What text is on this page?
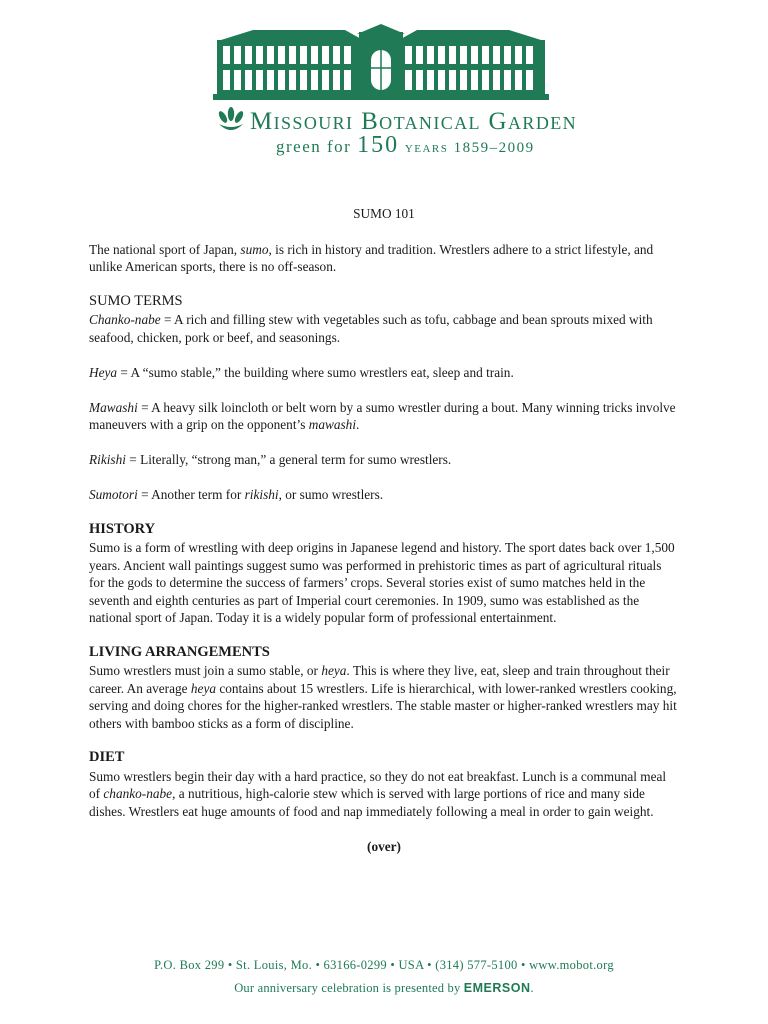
Missouri Botanical Garden
green for 150 years 1859–2009
SUMO 101

The national sport of Japan, sumo, is rich in history and tradition. Wrestlers adhere to a strict lifestyle, and unlike American sports, there is no off-season.

SUMO TERMS

Chanko-nabe = A rich and filling stew with vegetables such as tofu, cabbage and bean sprouts mixed with seafood, chicken, pork or beef, and seasonings.

Heya = A “sumo stable,” the building where sumo wrestlers eat, sleep and train.

Mawashi = A heavy silk loincloth or belt worn by a sumo wrestler during a bout. Many winning tricks involve maneuvers with a grip on the opponent’s mawashi.

Rikishi = Literally, “strong man,” a general term for sumo wrestlers.

Sumotori = Another term for rikishi, or sumo wrestlers.

HISTORY

Sumo is a form of wrestling with deep origins in Japanese legend and history. The sport dates back over 1,500 years. Ancient wall paintings suggest sumo was performed in prehistoric times as part of agricultural rituals for the gods to determine the success of farmers’ crops. Several stories exist of sumo matches held in the seventh and eighth centuries as part of Imperial court ceremonies. In 1909, sumo was established as the national sport of Japan. Today it is a widely popular form of professional entertainment.

LIVING ARRANGEMENTS

Sumo wrestlers must join a sumo stable, or heya. This is where they live, eat, sleep and train throughout their career. An average heya contains about 15 wrestlers. Life is hierarchical, with lower-ranked wrestlers cooking, serving and doing chores for the higher-ranked wrestlers. The stable master or higher-ranked wrestlers may hit others with bamboo sticks as a form of discipline.

DIET

Sumo wrestlers begin their day with a hard practice, so they do not eat breakfast. Lunch is a communal meal of chanko-nabe, a nutritious, high-calorie stew which is served with large portions of rice and many side dishes. Wrestlers eat huge amounts of food and nap immediately following a meal in order to gain weight.

(over)
P.O. Box 299 • St. Louis, Mo. • 63166-0299 • USA • (314) 577-5100 • www.mobot.org
Our anniversary celebration is presented by EMERSON.
